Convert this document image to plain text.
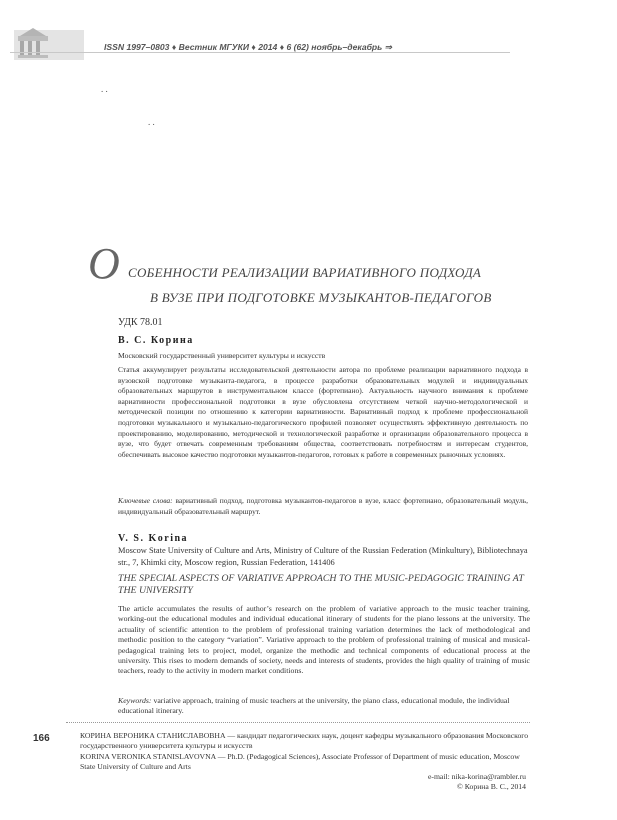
ISSN 1997–0803 ♦ Вестник МГУКИ ♦ 2014 ♦ 6 (62) ноябрь–декабрь ⇒
. .
. .
О СОБЕННОСТИ РЕАЛИЗАЦИИ ВАРИАТИВНОГО ПОДХОДА
В ВУЗЕ ПРИ ПОДГОТОВКЕ МУЗЫКАНТОВ-ПЕДАГОГОВ
УДК 78.01
В. С. Корина
Московский государственный университет культуры и искусств
Статья аккумулирует результаты исследовательской деятельности автора по проблеме реализации вариативного подхода в вузовской подготовке музыканта-педагога, в процессе разработки образовательных модулей и индивидуальных образовательных маршрутов в инструментальном классе (фортепиано). Актуальность научного внимания к проблеме вариативности профессиональной подготовки в вузе обусловлена отсутствием четкой научно-методологической и методической позиции по отношению к категории вариативности. Вариативный подход к проблеме профессиональной подготовки музыкального и музыкально-педагогического профилей позволяет осуществлять эффективную деятельность по проектированию, моделированию, методической и технологической разработке и организации образовательного процесса в вузе, что будет отвечать современным требованиям общества, соответствовать потребностям и интересам студентов, обеспечивать высокое качество подготовки музыкантов-педагогов, готовых к работе в современных рыночных условиях.
Ключевые слова: вариативный подход, подготовка музыкантов-педагогов в вузе, класс фортепиано, образовательный модуль, индивидуальный образовательный маршрут.
V. S. Korina
Moscow State University of Culture and Arts, Ministry of Culture of the Russian Federation (Minkultury), Bibliotechnaya str., 7, Khimki city, Moscow region, Russian Federation, 141406
THE SPECIAL ASPECTS OF VARIATIVE APPROACH TO THE MUSIC-PEDAGOGIC TRAINING AT THE UNIVERSITY
The article accumulates the results of author’s research on the problem of variative approach to the music teacher training, working-out the educational modules and individual educational itinerary of students for the piano lessons at the university. The actuality of scientific attention to the problem of professional training variation determines the lack of methodological and methodic position to the category “variation”. Variative approach to the problem of professional training of musical and musical-pedagogical training lets to project, model, organize the methodic and technical components of educational process at the university. This rises to modern demands of society, needs and interests of students, provides the high quality of training of music teachers, ready to the activity in modern market conditions.
Keywords: variative approach, training of music teachers at the university, the piano class, educational module, the individual educational itinerary.
166	КОРИНА ВЕРОНИКА СТАНИСЛАВОВНА — кандидат педагогических наук, доцент кафедры музыкального образования Московского государственного университета культуры и искусств
KORINA VERONIKA STANISLAVOVNA — Ph.D. (Pedagogical Sciences), Associate Professor of Department of music education, Moscow State University of Culture and Arts
e-mail: nika-korina@rambler.ru
© Корина В. С., 2014
